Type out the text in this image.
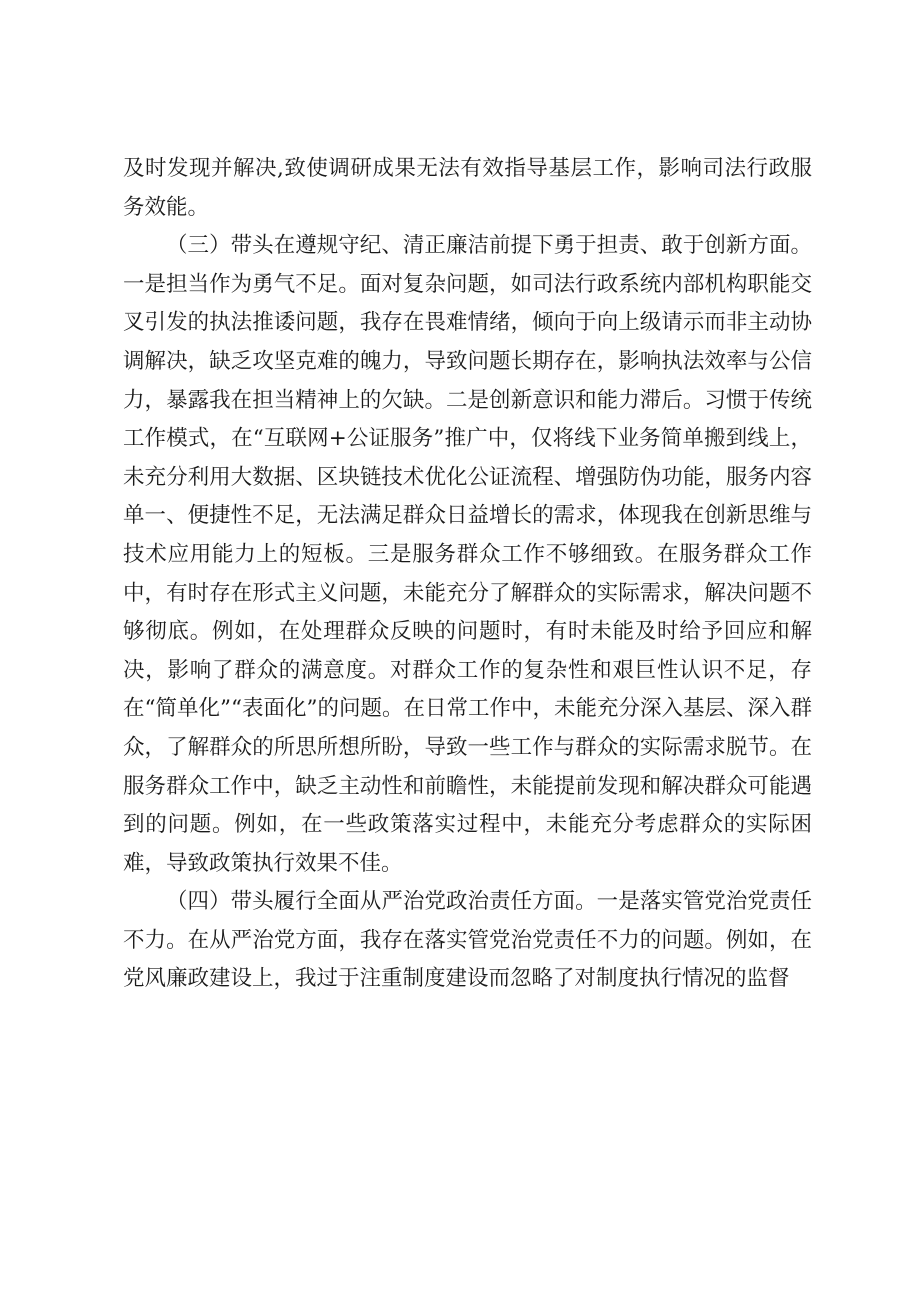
及时发现并解决,致使调研成果无法有效指导基层工作，影响司法行政服务效能。

（三）带头在遵规守纪、清正廉洁前提下勇于担责、敢于创新方面。一是担当作为勇气不足。面对复杂问题，如司法行政系统内部机构职能交叉引发的执法推诿问题，我存在畏难情绪，倾向于向上级请示而非主动协调解决，缺乏攻坚克难的魄力，导致问题长期存在，影响执法效率与公信力，暴露我在担当精神上的欠缺。二是创新意识和能力滞后。习惯于传统工作模式，在“互联网+公证服务”推广中，仅将线下业务简单搬到线上，未充分利用大数据、区块链技术优化公证流程、增强防伪功能，服务内容单一、便捷性不足，无法满足群众日益增长的需求，体现我在创新思维与技术应用能力上的短板。三是服务群众工作不够细致。在服务群众工作中，有时存在形式主义问题，未能充分了解群众的实际需求，解决问题不够彻底。例如，在处理群众反映的问题时，有时未能及时给予回应和解决，影响了群众的满意度。对群众工作的复杂性和艰巨性认识不足，存在“简单化”“表面化”的问题。在日常工作中，未能充分深入基层、深入群众，了解群众的所思所想所盼，导致一些工作与群众的实际需求脱节。在服务群众工作中，缺乏主动性和前瞻性，未能提前发现和解决群众可能遇到的问题。例如，在一些政策落实过程中，未能充分考虑群众的实际困难，导致政策执行效果不佳。

（四）带头履行全面从严治党政治责任方面。一是落实管党治党责任不力。在从严治党方面，我存在落实管党治党责任不力的问题。例如，在党风廉政建设上，我过于注重制度建设而忽略了对制度执行情况的监督
